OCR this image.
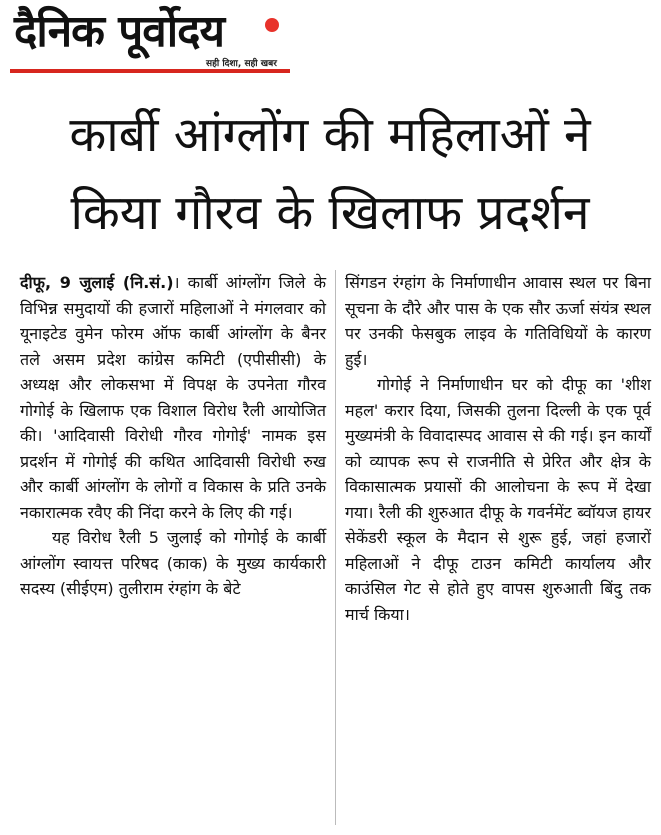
दैनिक पूर्वोदय
सही दिशा, सही खबर
कार्बी आंग्लोंग की महिलाओं ने
किया गौरव के खिलाफ प्रदर्शन

दीफू, 9 जुलाई (नि.सं.)। कार्बी आंग्लोंग जिले के विभिन्न समुदायों की हजारों महिलाओं ने मंगलवार को यूनाइटेड वुमेन फोरम ऑफ कार्बी आंग्लोंग के बैनर तले असम प्रदेश कांग्रेस कमिटी (एपीसीसी) के अध्यक्ष और लोकसभा में विपक्ष के उपनेता गौरव गोगोई के खिलाफ एक विशाल विरोध रैली आयोजित की। 'आदिवासी विरोधी गौरव गोगोई' नामक इस प्रदर्शन में गोगोई की कथित आदिवासी विरोधी रुख और कार्बी आंग्लोंग के लोगों व विकास के प्रति उनके नकारात्मक रवैए की निंदा करने के लिए की गई।

यह विरोध रैली 5 जुलाई को गोगोई के कार्बी आंग्लोंग स्वायत्त परिषद (काक) के मुख्य कार्यकारी सदस्य (सीईएम) तुलीराम रंग्हांग के बेटे

सिंगडन रंग्हांग के निर्माणाधीन आवास स्थल पर बिना सूचना के दौरे और पास के एक सौर ऊर्जा संयंत्र स्थल पर उनकी फेसबुक लाइव के गतिविधियों के कारण हुई।

गोगोई ने निर्माणाधीन घर को दीफू का 'शीश महल' करार दिया, जिसकी तुलना दिल्ली के एक पूर्व मुख्यमंत्री के विवादास्पद आवास से की गई। इन कार्यों को व्यापक रूप से राजनीति से प्रेरित और क्षेत्र के विकासात्मक प्रयासों की आलोचना के रूप में देखा गया। रैली की शुरुआत दीफू के गवर्नमेंट ब्वॉयज हायर सेकेंडरी स्कूल के मैदान से शुरू हुई, जहां हजारों महिलाओं ने दीफू टाउन कमिटी कार्यालय और काउंसिल गेट से होते हुए वापस शुरुआती बिंदु तक मार्च किया।
